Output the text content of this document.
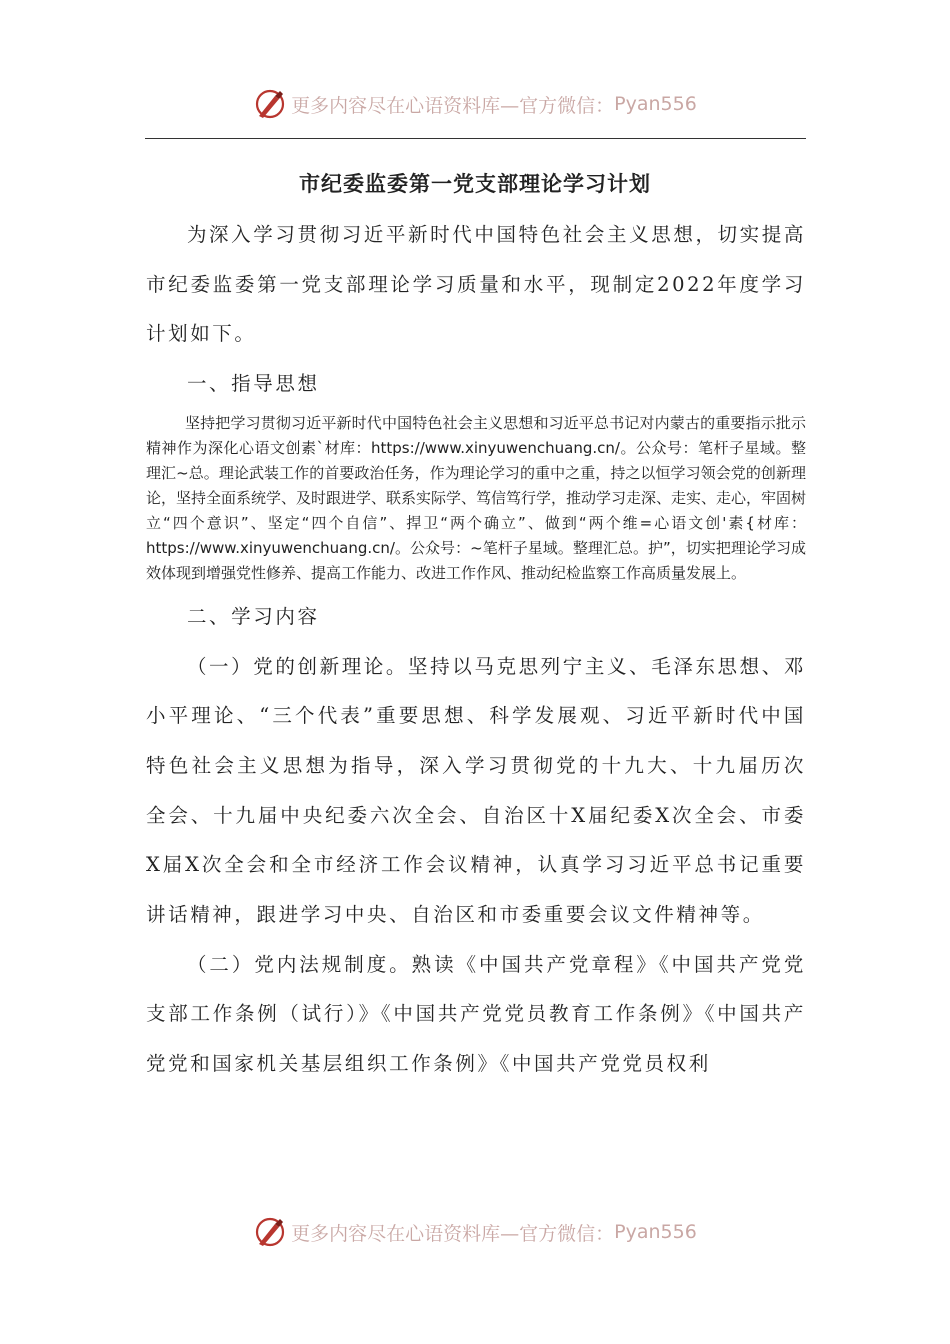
更多内容尽在心语资料库—官方微信： Pyan556
市纪委监委第一党支部理论学习计划

为深入学习贯彻习近平新时代中国特色社会主义思想，切实提高市纪委监委第一党支部理论学习质量和水平，现制定2022年度学习计划如下。

一、指导思想

坚持把学习贯彻习近平新时代中国特色社会主义思想和习近平总书记对内蒙古的重要指示批示精神作为深化心语文创素`材库：https://www.xinyuwenchuang.cn/。公众号：笔杆子星域。整理汇~总。理论武装工作的首要政治任务，作为理论学习的重中之重，持之以恒学习领会党的创新理论，坚持全面系统学、及时跟进学、联系实际学、笃信笃行学，推动学习走深、走实、走心，牢固树立“四个意识”、坚定“四个自信”、捍卫“两个确立”、做到“两个维=心语文创'素{材库：https://www.xinyuwenchuang.cn/。公众号：~笔杆子星域。整理汇总。护”，切实把理论学习成效体现到增强党性修养、提高工作能力、改进工作作风、推动纪检监察工作高质量发展上。

二、学习内容

（一）党的创新理论。坚持以马克思列宁主义、毛泽东思想、邓小平理论、“三个代表”重要思想、科学发展观、习近平新时代中国特色社会主义思想为指导，深入学习贯彻党的十九大、十九届历次全会、十九届中央纪委六次全会、自治区十X届纪委X次全会、市委X届X次全会和全市经济工作会议精神，认真学习习近平总书记重要讲话精神，跟进学习中央、自治区和市委重要会议文件精神等。

（二）党内法规制度。熟读《中国共产党章程》《中国共产党党支部工作条例（试行）》《中国共产党党员教育工作条例》《中国共产党党和国家机关基层组织工作条例》《中国共产党党员权利

更多内容尽在心语资料库—官方微信： Pyan556
